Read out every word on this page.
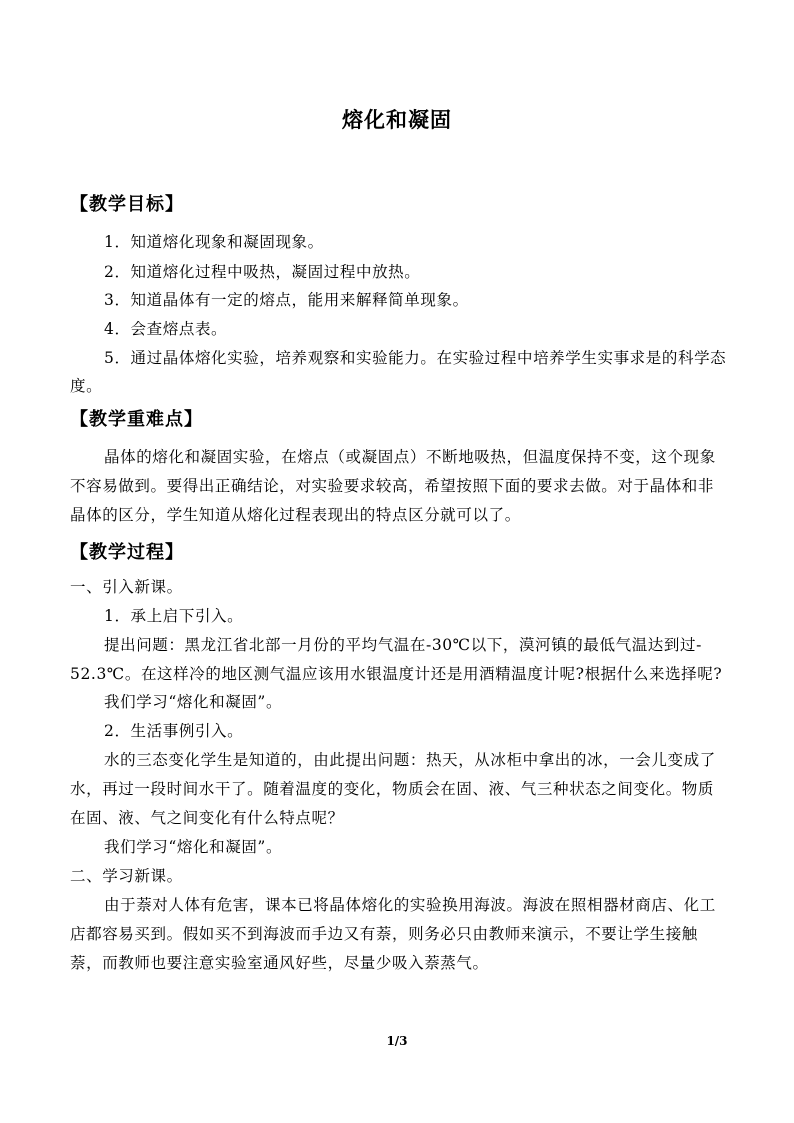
熔化和凝固
【教学目标】
1．知道熔化现象和凝固现象。
2．知道熔化过程中吸热，凝固过程中放热。
3．知道晶体有一定的熔点，能用来解释简单现象。
4．会查熔点表。
5．通过晶体熔化实验，培养观察和实验能力。在实验过程中培养学生实事求是的科学态
度。
【教学重难点】
晶体的熔化和凝固实验，在熔点（或凝固点）不断地吸热，但温度保持不变，这个现象
不容易做到。要得出正确结论，对实验要求较高，希望按照下面的要求去做。对于晶体和非
晶体的区分，学生知道从熔化过程表现出的特点区分就可以了。
【教学过程】
一、引入新课。
1．承上启下引入。
提出问题：黑龙江省北部一月份的平均气温在-30℃以下，漠河镇的最低气温达到过-
52.3℃。在这样冷的地区测气温应该用水银温度计还是用酒精温度计呢?根据什么来选择呢?
我们学习“熔化和凝固”。
2．生活事例引入。
水的三态变化学生是知道的，由此提出问题：热天，从冰柜中拿出的冰，一会儿变成了
水，再过一段时间水干了。随着温度的变化，物质会在固、液、气三种状态之间变化。物质
在固、液、气之间变化有什么特点呢？
我们学习“熔化和凝固”。
二、学习新课。
由于萘对人体有危害，课本已将晶体熔化的实验换用海波。海波在照相器材商店、化工
店都容易买到。假如买不到海波而手边又有萘，则务必只由教师来演示，不要让学生接触
萘，而教师也要注意实验室通风好些，尽量少吸入萘蒸气。
1/3
